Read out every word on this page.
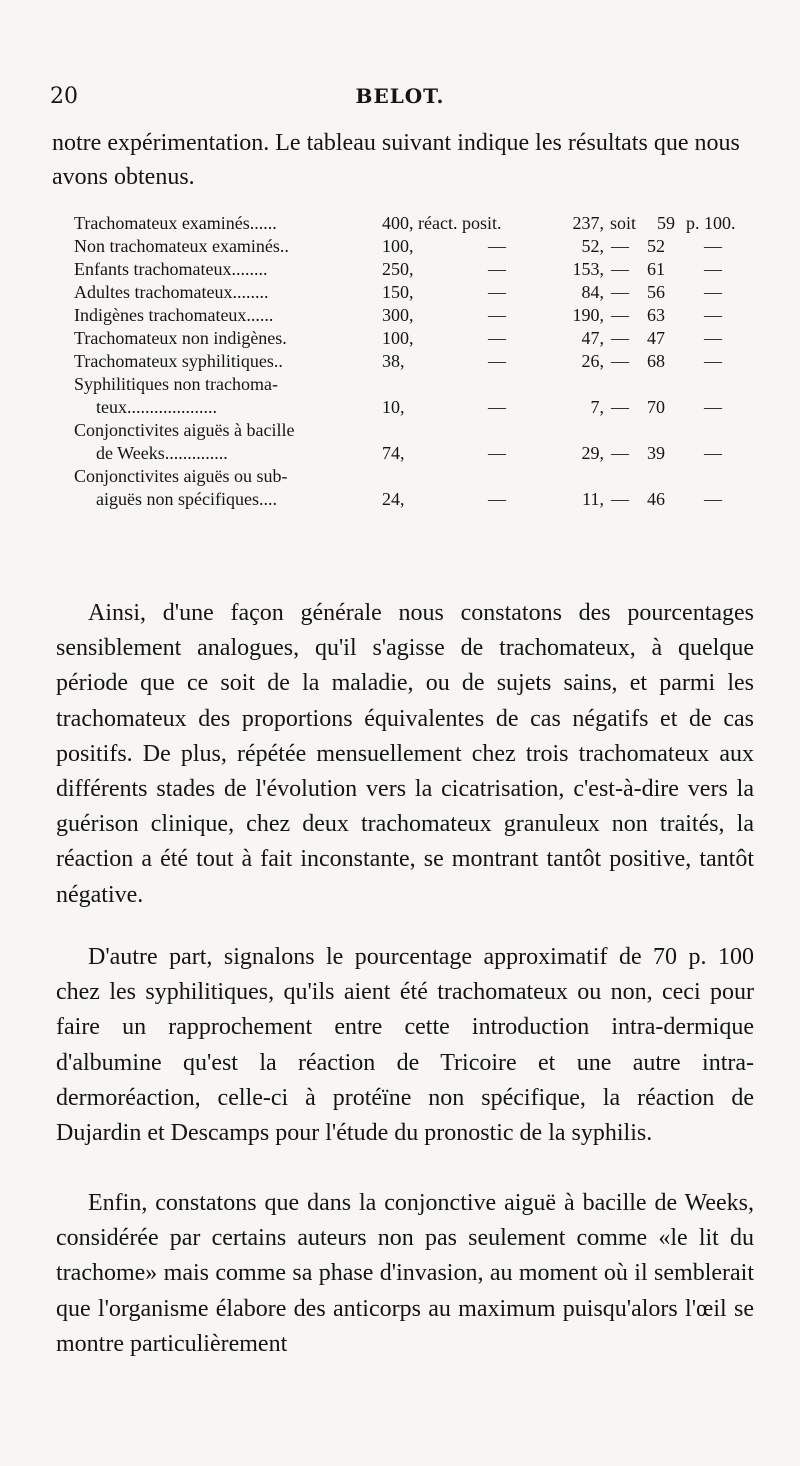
20	BELOT.
notre expérimentation. Le tableau suivant indique les résultats que nous avons obtenus.
Trachomateux examinés......	400, réact. posit.	237, soit	59 p. 100.
Non trachomateux examinés..	100,	—	52, —	52	—
Enfants trachomateux........	250,	—	153, —	61	—
Adultes trachomateux........	150,	—	84, —	56	—
Indigènes trachomateux......	300,	—	190, —	63	—
Trachomateux non indigènes.	100,	—	47, —	47	—
Trachomateux syphilitiques..	38,	—	26, —	68	—
Syphilitiques non trachoma-
teux....................	10,	—	7, —	70	—
Conjonctivites aiguës à bacille
de Weeks..............	74,	—	29, —	39	—
Conjonctivites aiguës ou sub-
aiguës non spécifiques....	24,	—	11, —	46	—
Ainsi, d'une façon générale nous constatons des pourcentages sensiblement analogues, qu'il s'agisse de trachomateux, à quelque période que ce soit de la maladie, ou de sujets sains, et parmi les trachomateux des proportions équivalentes de cas négatifs et de cas positifs. De plus, répétée mensuellement chez trois trachomateux aux différents stades de l'évolution vers la cicatrisation, c'est-à-dire vers la guérison clinique, chez deux trachomateux granuleux non traités, la réaction a été tout à fait inconstante, se montrant tantôt positive, tantôt négative.
D'autre part, signalons le pourcentage approximatif de 70 p. 100 chez les syphilitiques, qu'ils aient été trachomateux ou non, ceci pour faire un rapprochement entre cette introduction intra-dermique d'albumine qu'est la réaction de Tricoire et une autre intra-dermoréaction, celle-ci à protéïne non spécifique, la réaction de Dujardin et Descamps pour l'étude du pronostic de la syphilis.
Enfin, constatons que dans la conjonctive aiguë à bacille de Weeks, considérée par certains auteurs non pas seulement comme «le lit du trachome» mais comme sa phase d'invasion, au moment où il semblerait que l'organisme élabore des anticorps au maximum puisqu'alors l'œil se montre particulièrement
